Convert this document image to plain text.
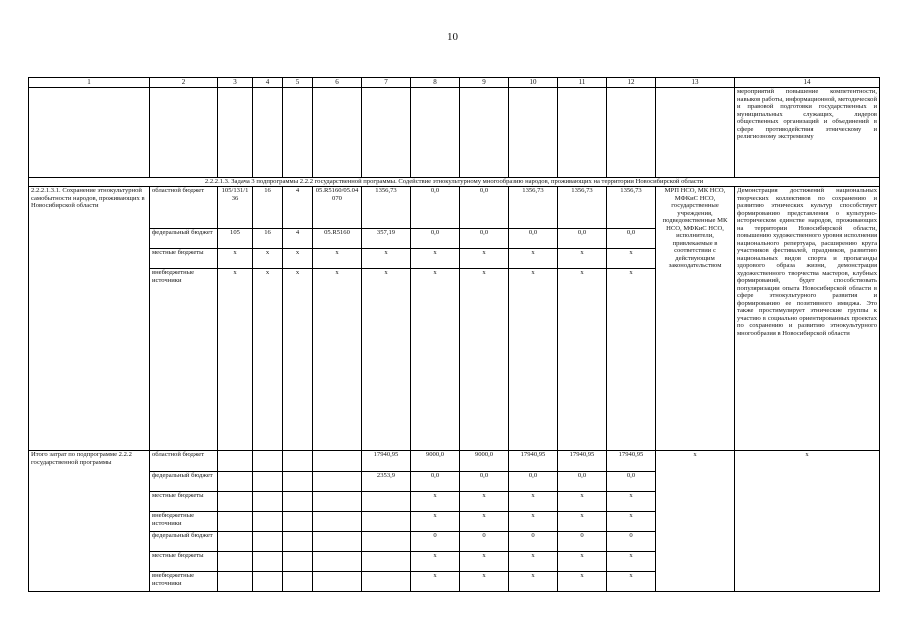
10
1	2	3	4	5	6	7	8	9	10	11	12	13	14
													мероприятий повышение компетентности, навыков работы, информационной, методической и правовой подготовки государственных и муниципальных служащих, лидеров общественных организаций и объединений в сфере противодействия этническому и религиозному экстремизму
2.2.2.1.3. Задача 3 подпрограммы 2.2.2 государственной программы. Содействие этнокультурному многообразию народов, проживающих на территории Новосибирской области													
2.2.2.1.3.1. Сохранение этнокультурной самобытности народов, проживающих в Новосибирской области	областной бюджет	105/131/136	16	4	05.R5160/05.04070	1356,73	0,0	0,0	1356,73	1356,73	1356,73	МРП НСО, МК НСО, МФКиС НСО, государственные учреждения, подведомственные МК НСО, МФКиС НСО, исполнители, привлекаемые в соответствии с действующим законодательством	Демонстрация достижений национальных творческих коллективов по сохранению и развитию этнических культур способствует формированию представления о культурно-историческом единстве народов, проживающих на территории Новосибирской области, повышению художественного уровня исполнения национального репертуара, расширению круга участников фестивалей, праздников, развитию национальных видов спорта и пропаганды здорового образа жизни, демонстрация художественного творчества мастеров, клубных формирований, будет способствовать популяризации опыта Новосибирской области в сфере этнокультурного развития и формированию ее позитивного имиджа. Это также простимулирует этнические группы к участию в социально ориентированных проектах по сохранению и развитию этнокультурного многообразия в Новосибирской области
	федеральный бюджет	105	16	4	05.R5160	357,19	0,0	0,0	0,0	0,0	0,0		
	местные бюджеты	x	x	x	x	x	x	x	x	x	x		
	внебюджетные источники	x	x	x	x	x	x	x	x	x	x		
Итого затрат по подпрограмме 2.2.2 государственной программы	областной бюджет					17940,95	9000,0	9000,0	17940,95	17940,95	17940,95	x	x
	федеральный бюджет					2353,9	0,0	0,0	0,0	0,0	0,0		
	местные бюджеты						x	x	x	x	x		
	внебюджетные источники						x	x	x	x	x		
	федеральный бюджет						0	0	0	0	0		
	местные бюджеты						x	x	x	x	x		
	внебюджетные источники						x	x	x	x	x		
